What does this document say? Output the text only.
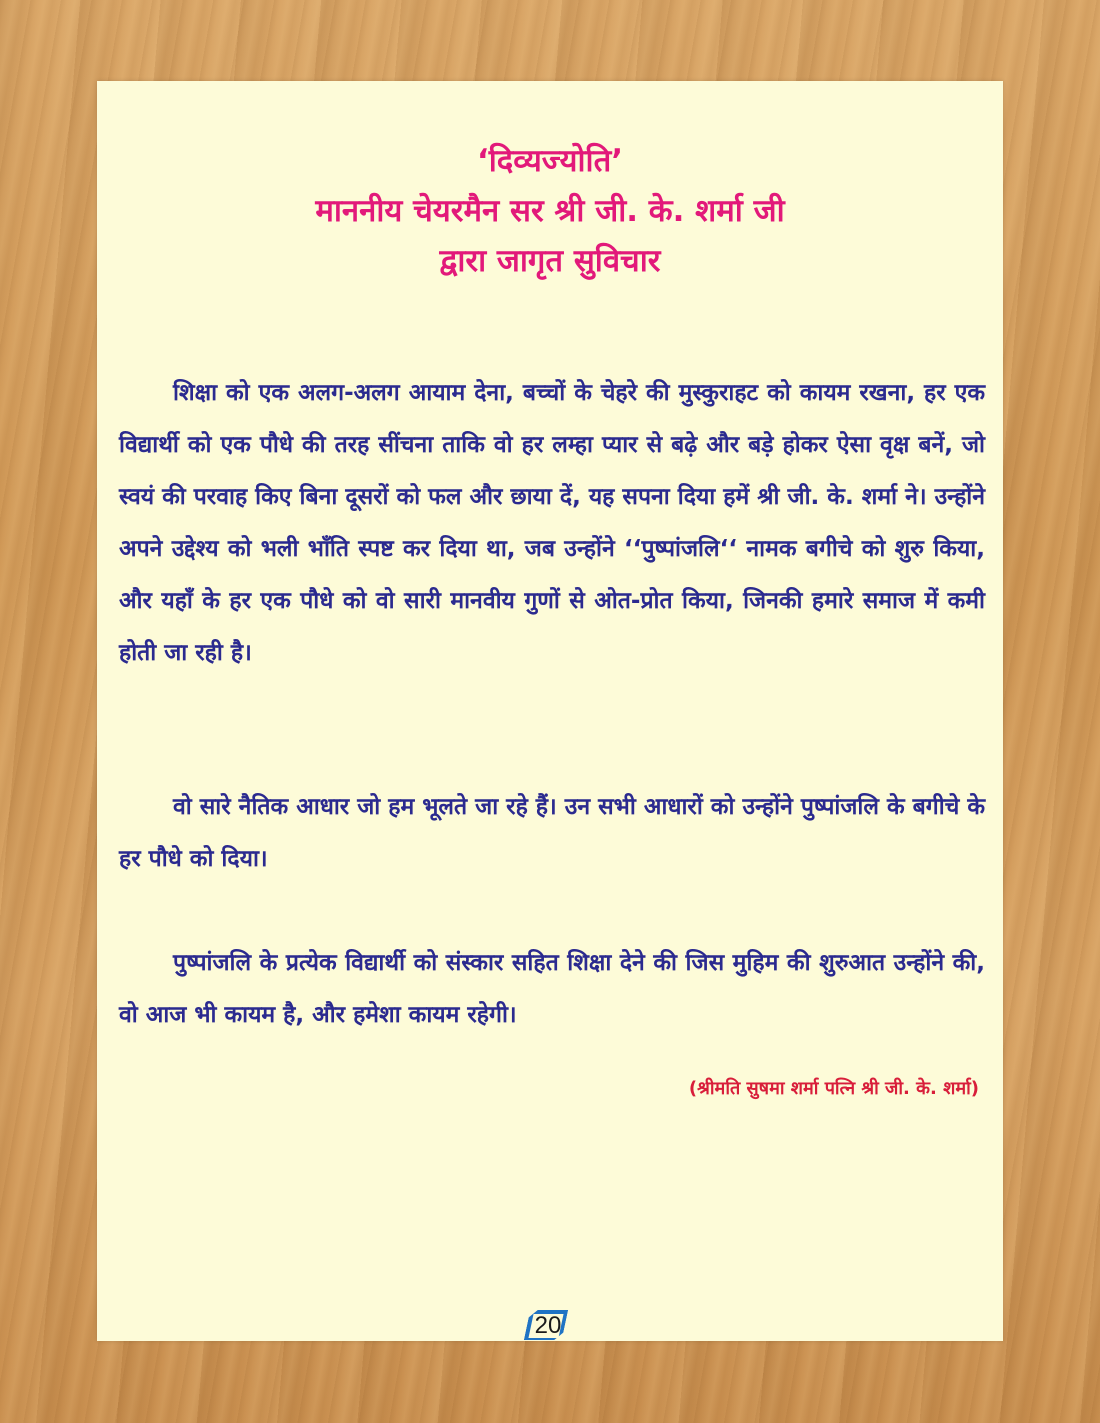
‘दिव्यज्योति’
माननीय चेयरमैन सर श्री जी. के. शर्मा जी
द्वारा जागृत सुविचार

शिक्षा को एक अलग-अलग आयाम देना, बच्चों के चेहरे की मुस्कुराहट को कायम रखना, हर एक विद्यार्थी को एक पौधे की तरह सींचना ताकि वो हर लम्हा प्यार से बढ़े और बड़े होकर ऐसा वृक्ष बनें, जो स्वयं की परवाह किए बिना दूसरों को फल और छाया दें, यह सपना दिया हमें श्री जी. के. शर्मा ने। उन्होंने अपने उद्देश्य को भली भाँति स्पष्ट कर दिया था, जब उन्होंने ‘‘पुष्पांजलि‘‘ नामक बगीचे को शुरु किया, और यहाँ के हर एक पौधे को वो सारी मानवीय गुणों से ओत-प्रोत किया, जिनकी हमारे समाज में कमी होती जा रही है।

वो सारे नैतिक आधार जो हम भूलते जा रहे हैं। उन सभी आधारों को उन्होंने पुष्पांजलि के बगीचे के हर पौधे को दिया।

पुष्पांजलि के प्रत्येक विद्यार्थी को संस्कार सहित शिक्षा देने की जिस मुहिम की शुरुआत उन्होंने की, वो आज भी कायम है, और हमेशा कायम रहेगी।

(श्रीमति सुषमा शर्मा पत्नि श्री जी. के. शर्मा)
20
